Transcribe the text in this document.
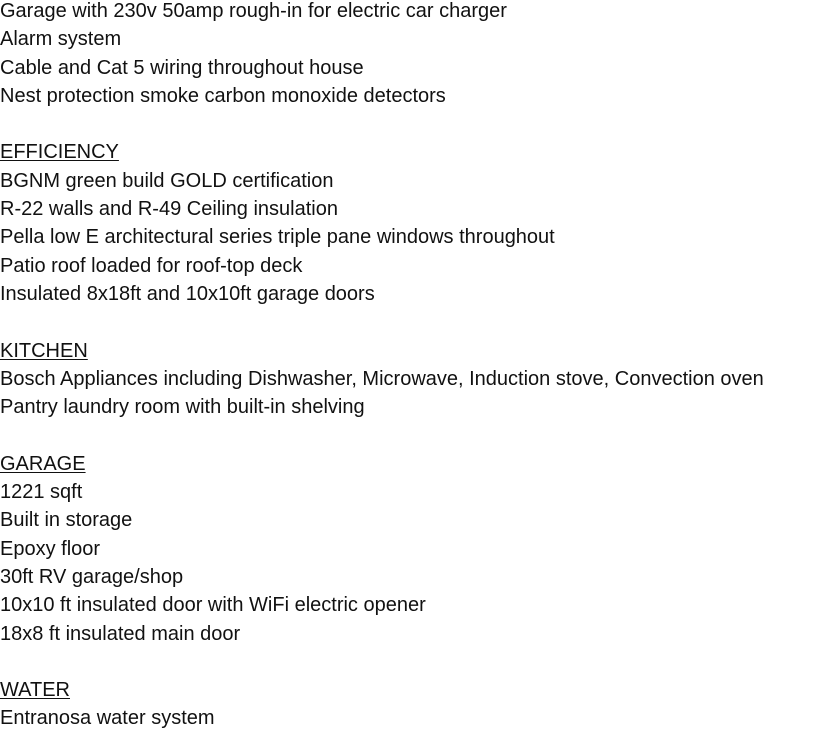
Garage with 230v 50amp rough-in for electric car charger
Alarm system
Cable and Cat 5 wiring throughout house
Nest protection smoke carbon monoxide detectors
EFFICIENCY
BGNM green build GOLD certification
R-22 walls and R-49 Ceiling insulation
Pella low E architectural series triple pane windows throughout
Patio roof loaded for roof-top deck
Insulated 8x18ft and 10x10ft garage doors
KITCHEN
Bosch Appliances including Dishwasher, Microwave, Induction stove, Convection oven
Pantry laundry room with built-in shelving
GARAGE
1221 sqft
Built in storage
Epoxy floor
30ft RV garage/shop
10x10 ft insulated door with WiFi electric opener
18x8 ft insulated main door
WATER
Entranosa water system
